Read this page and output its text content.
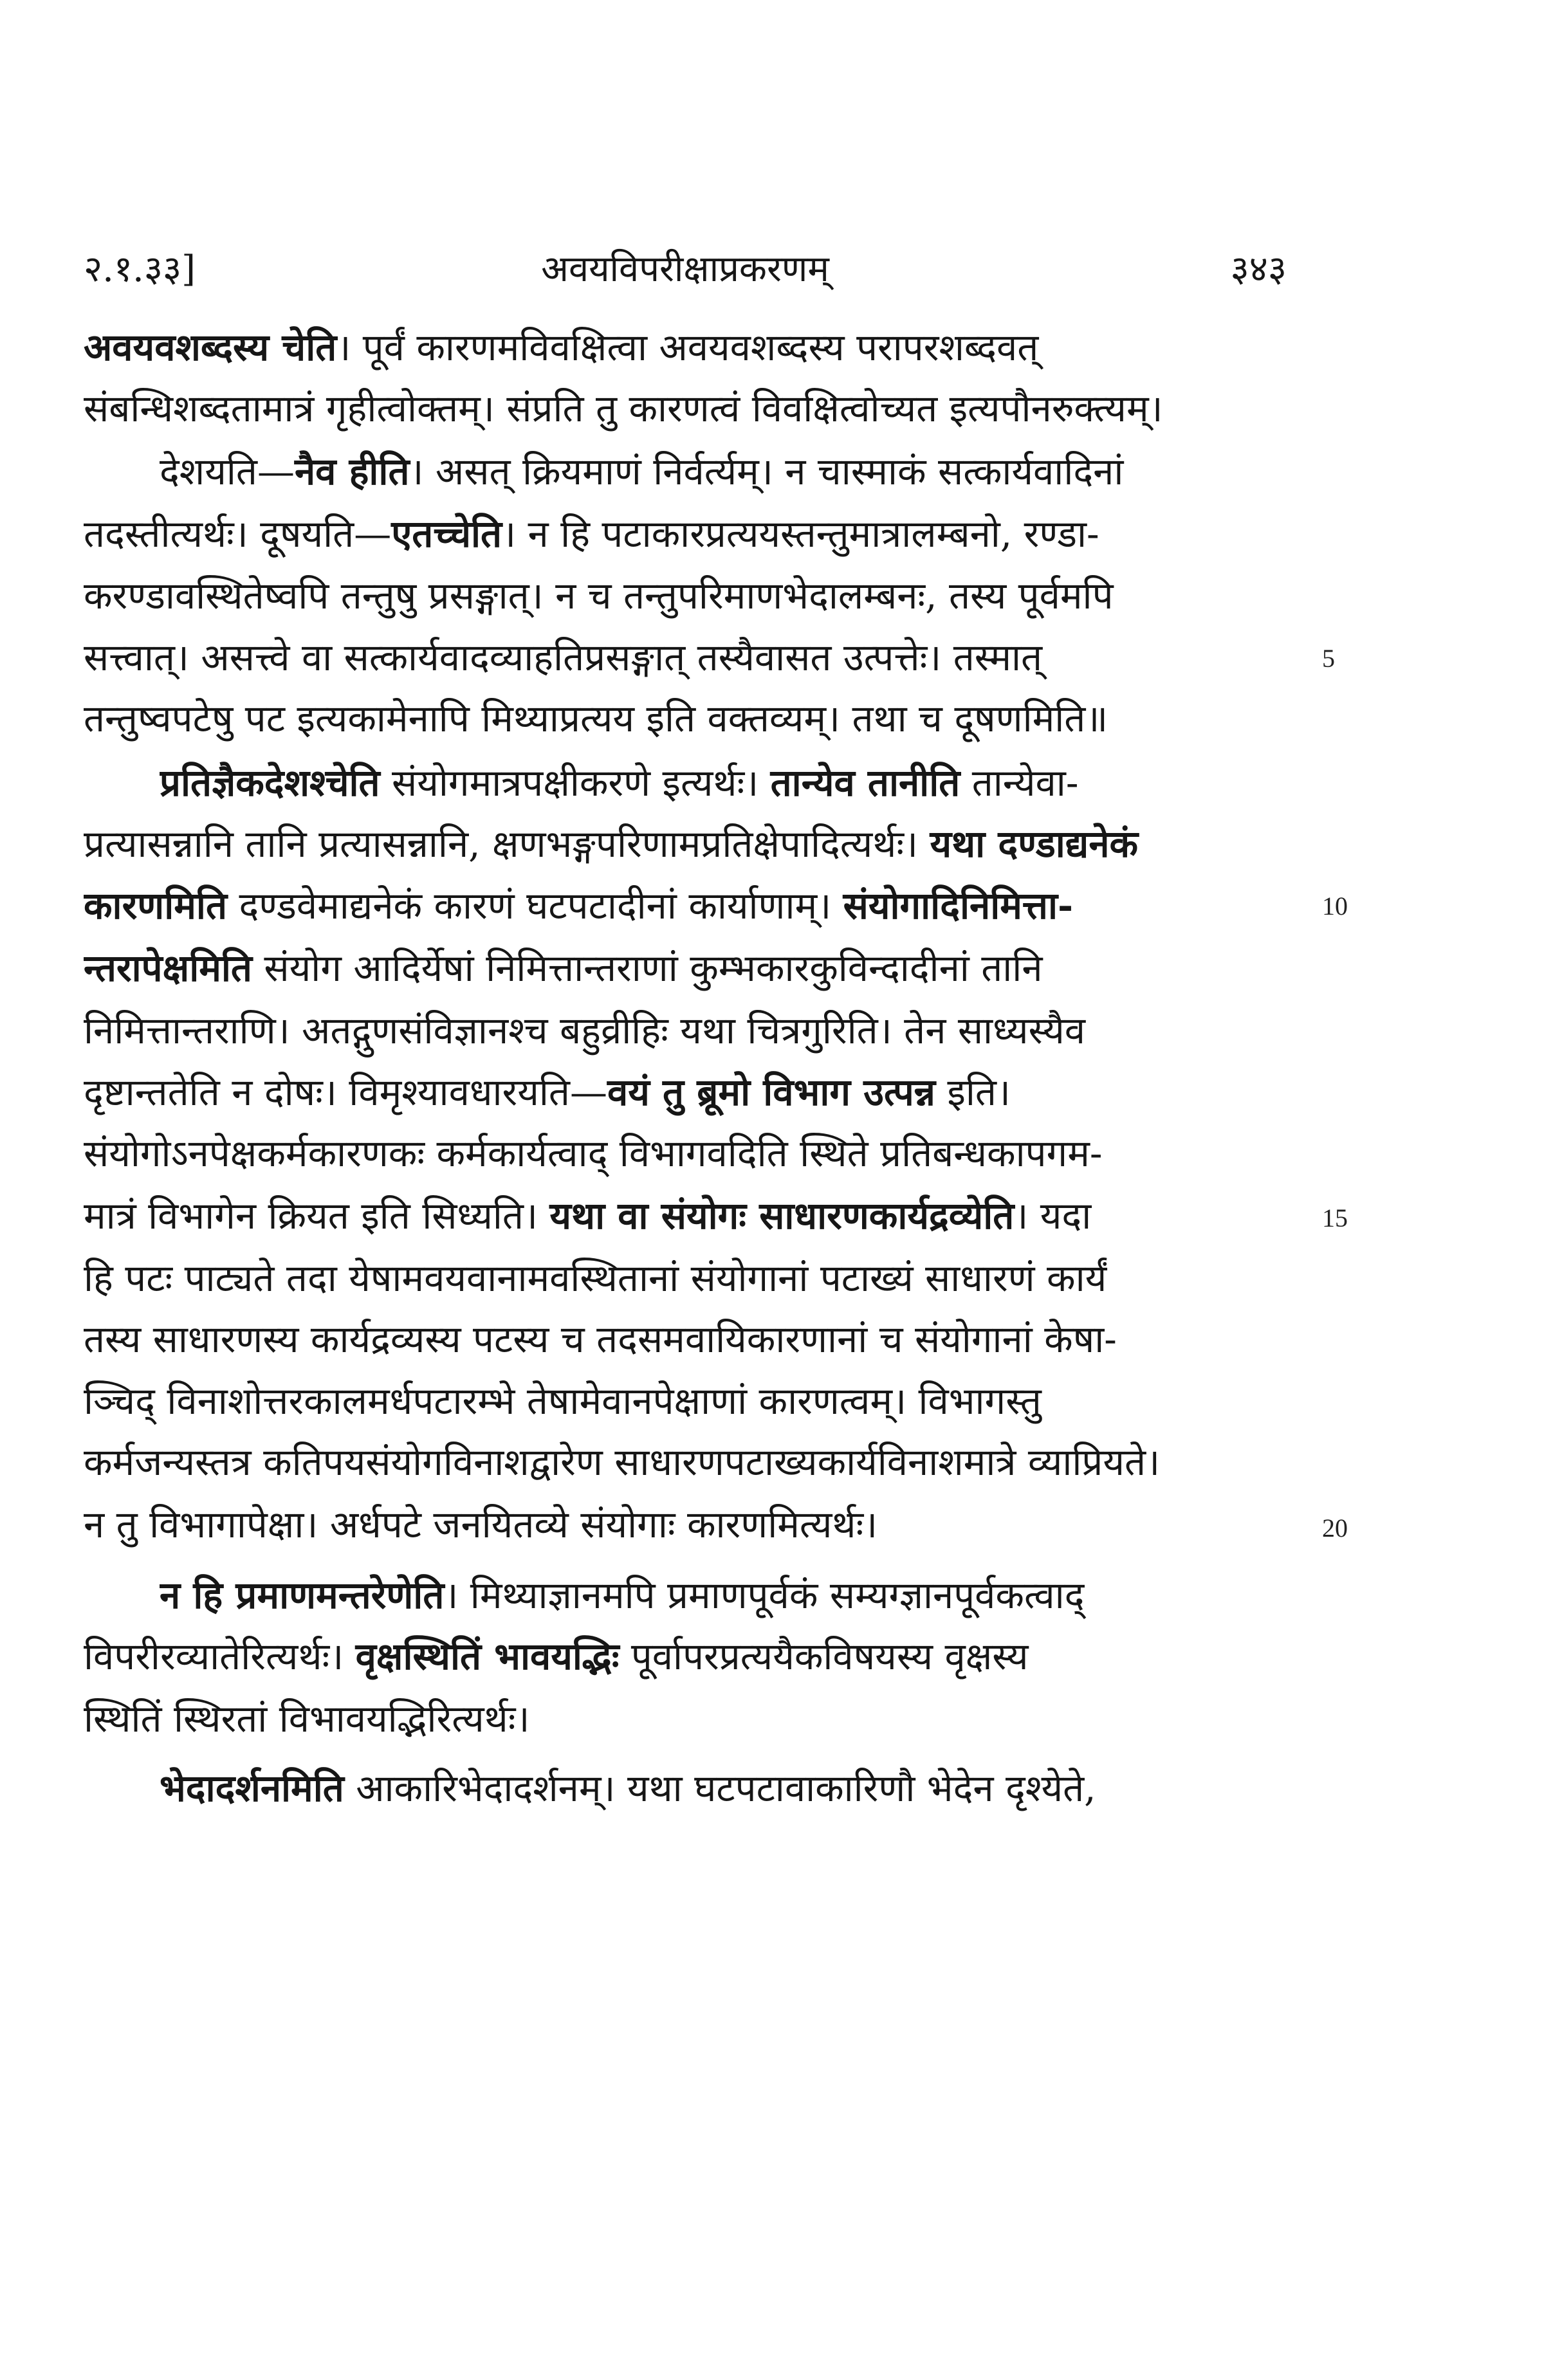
२.१.३३]	अवयविपरीक्षाप्रकरणम्	३४३
अवयवशब्दस्य चेति। पूर्वं कारणमविवक्षित्वा अवयवशब्दस्य परापरशब्दवत्
संबन्धिशब्दतामात्रं गृहीत्वोक्तम्। संप्रति तु कारणत्वं विवक्षित्वोच्यत इत्यपौनरुक्त्यम्।
देशयति—नैव हीति। असत् क्रियमाणं निर्वर्त्यम्। न चास्माकं सत्कार्यवादिनां
तदस्तीत्यर्थः। दूषयति—एतच्चेति। न हि पटाकारप्रत्ययस्तन्तुमात्रालम्बनो, रण्डा-
करण्डावस्थितेष्वपि तन्तुषु प्रसङ्गात्। न च तन्तुपरिमाणभेदालम्बनः, तस्य पूर्वमपि
सत्त्वात्। असत्त्वे वा सत्कार्यवादव्याहतिप्रसङ्गात् तस्यैवासत उत्पत्तेः। तस्मात्
तन्तुष्वपटेषु पट इत्यकामेनापि मिथ्याप्रत्यय इति वक्तव्यम्। तथा च दूषणमिति॥
प्रतिज्ञैकदेशश्चेति संयोगमात्रपक्षीकरणे इत्यर्थः। तान्येव तानीति तान्येवा-
प्रत्यासन्नानि तानि प्रत्यासन्नानि, क्षणभङ्गपरिणामप्रतिक्षेपादित्यर्थः। यथा दण्डाद्यनेकं
कारणमिति दण्डवेमाद्यनेकं कारणं घटपटादीनां कार्याणाम्। संयोगादिनिमित्ता-
न्तरापेक्षमिति संयोग आदिर्येषां निमित्तान्तराणां कुम्भकारकुविन्दादीनां तानि
निमित्तान्तराणि। अतद्गुणसंविज्ञानश्च बहुव्रीहिः यथा चित्रगुरिति। तेन साध्यस्यैव
दृष्टान्ततेति न दोषः। विमृश्यावधारयति—वयं तु ब्रूमो विभाग उत्पन्न इति।
संयोगोऽनपेक्षकर्मकारणकः कर्मकार्यत्वाद् विभागवदिति स्थिते प्रतिबन्धकापगम-
मात्रं विभागेन क्रियत इति सिध्यति। यथा वा संयोगः साधारणकार्यद्रव्येति। यदा
हि पटः पाट्यते तदा येषामवयवानामवस्थितानां संयोगानां पटाख्यं साधारणं कार्यं
तस्य साधारणस्य कार्यद्रव्यस्य पटस्य च तदसमवायिकारणानां च संयोगानां केषा-
ञ्चिद् विनाशोत्तरकालमर्धपटारम्भे तेषामेवानपेक्षाणां कारणत्वम्। विभागस्तु
कर्मजन्यस्तत्र कतिपयसंयोगविनाशद्वारेण साधारणपटाख्यकार्यविनाशमात्रे व्याप्रियते।
न तु विभागापेक्षा। अर्धपटे जनयितव्ये संयोगाः कारणमित्यर्थः।
न हि प्रमाणमन्तरेणेति। मिथ्याज्ञानमपि प्रमाणपूर्वकं सम्यग्ज्ञानपूर्वकत्वाद्
विपरीरव्यातेरित्यर्थः। वृक्षस्थितिं भावयद्भिः पूर्वापरप्रत्ययैकविषयस्य वृक्षस्य
स्थितिं स्थिरतां विभावयद्भिरित्यर्थः।
भेदादर्शनमिति आकारिभेदादर्शनम्। यथा घटपटावाकारिणौ भेदेन दृश्येते,
5
10
15
20
